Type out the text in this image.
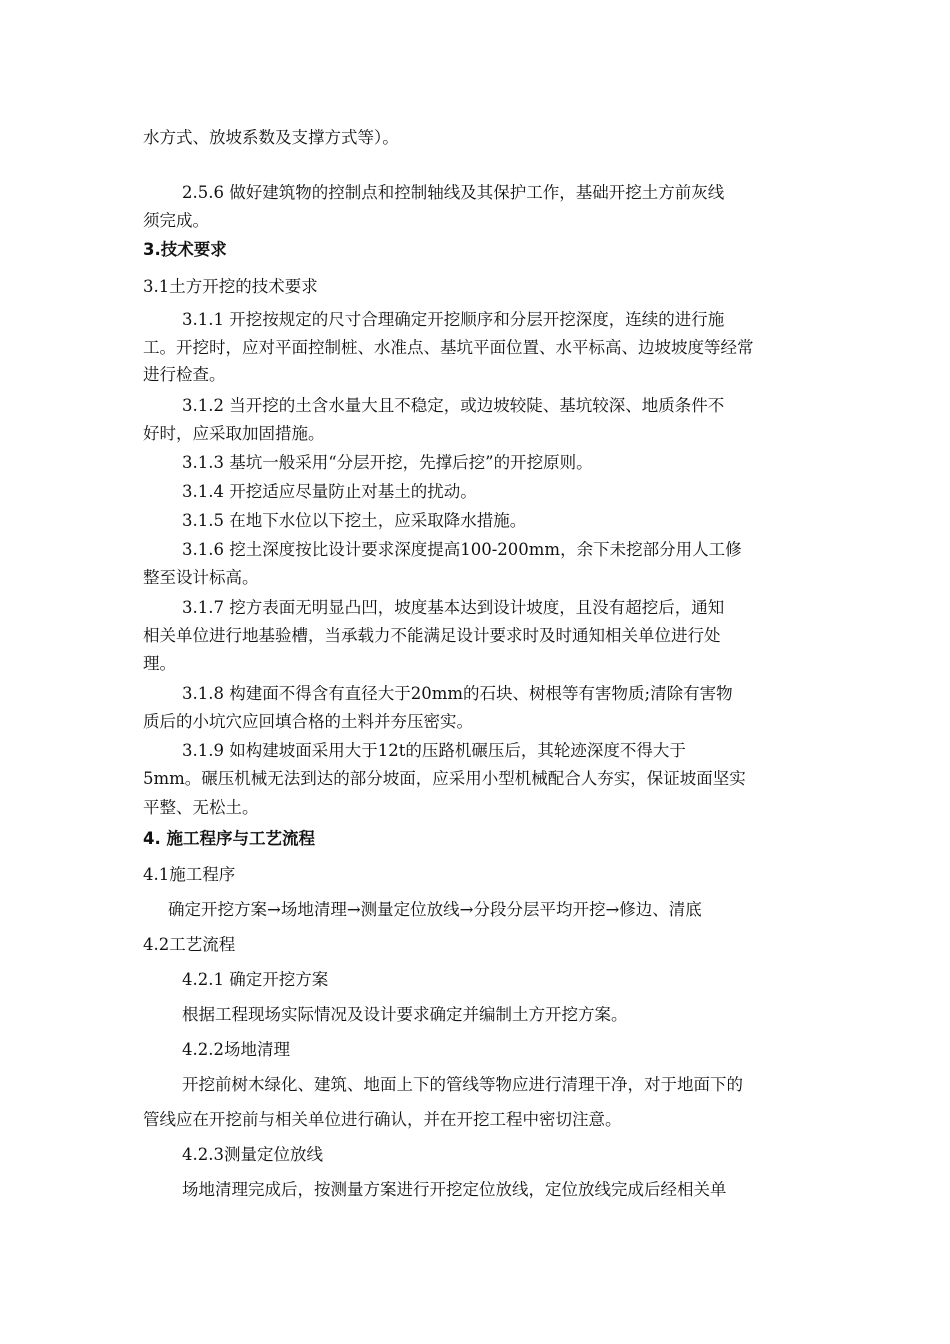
水方式、放坡系数及支撑方式等）。
2.5.6 做好建筑物的控制点和控制轴线及其保护工作，基础开挖土方前灰线
须完成。
3.技术要求
3.1土方开挖的技术要求
3.1.1 开挖按规定的尺寸合理确定开挖顺序和分层开挖深度，连续的进行施
工。开挖时，应对平面控制桩、水准点、基坑平面位置、水平标高、边坡坡度等经常
进行检查。
3.1.2 当开挖的土含水量大且不稳定，或边坡较陡、基坑较深、地质条件不
好时，应采取加固措施。
3.1.3 基坑一般采用“分层开挖，先撑后挖”的开挖原则。
3.1.4 开挖适应尽量防止对基土的扰动。
3.1.5 在地下水位以下挖土，应采取降水措施。
3.1.6 挖土深度按比设计要求深度提高100-200mm，余下未挖部分用人工修
整至设计标高。
3.1.7 挖方表面无明显凸凹，坡度基本达到设计坡度，且没有超挖后，通知
相关单位进行地基验槽，当承载力不能满足设计要求时及时通知相关单位进行处
理。
3.1.8 构建面不得含有直径大于20mm的石块、树根等有害物质;清除有害物
质后的小坑穴应回填合格的土料并夯压密实。
3.1.9 如构建坡面采用大于12t的压路机碾压后，其轮迹深度不得大于
5mm。碾压机械无法到达的部分坡面，应采用小型机械配合人夯实，保证坡面坚实
平整、无松土。
4. 施工程序与工艺流程
4.1施工程序
确定开挖方案→场地清理→测量定位放线→分段分层平均开挖→修边、清底
4.2工艺流程
4.2.1 确定开挖方案
根据工程现场实际情况及设计要求确定并编制土方开挖方案。
4.2.2场地清理
开挖前树木绿化、建筑、地面上下的管线等物应进行清理干净，对于地面下的
管线应在开挖前与相关单位进行确认，并在开挖工程中密切注意。
4.2.3测量定位放线
场地清理完成后，按测量方案进行开挖定位放线，定位放线完成后经相关单
